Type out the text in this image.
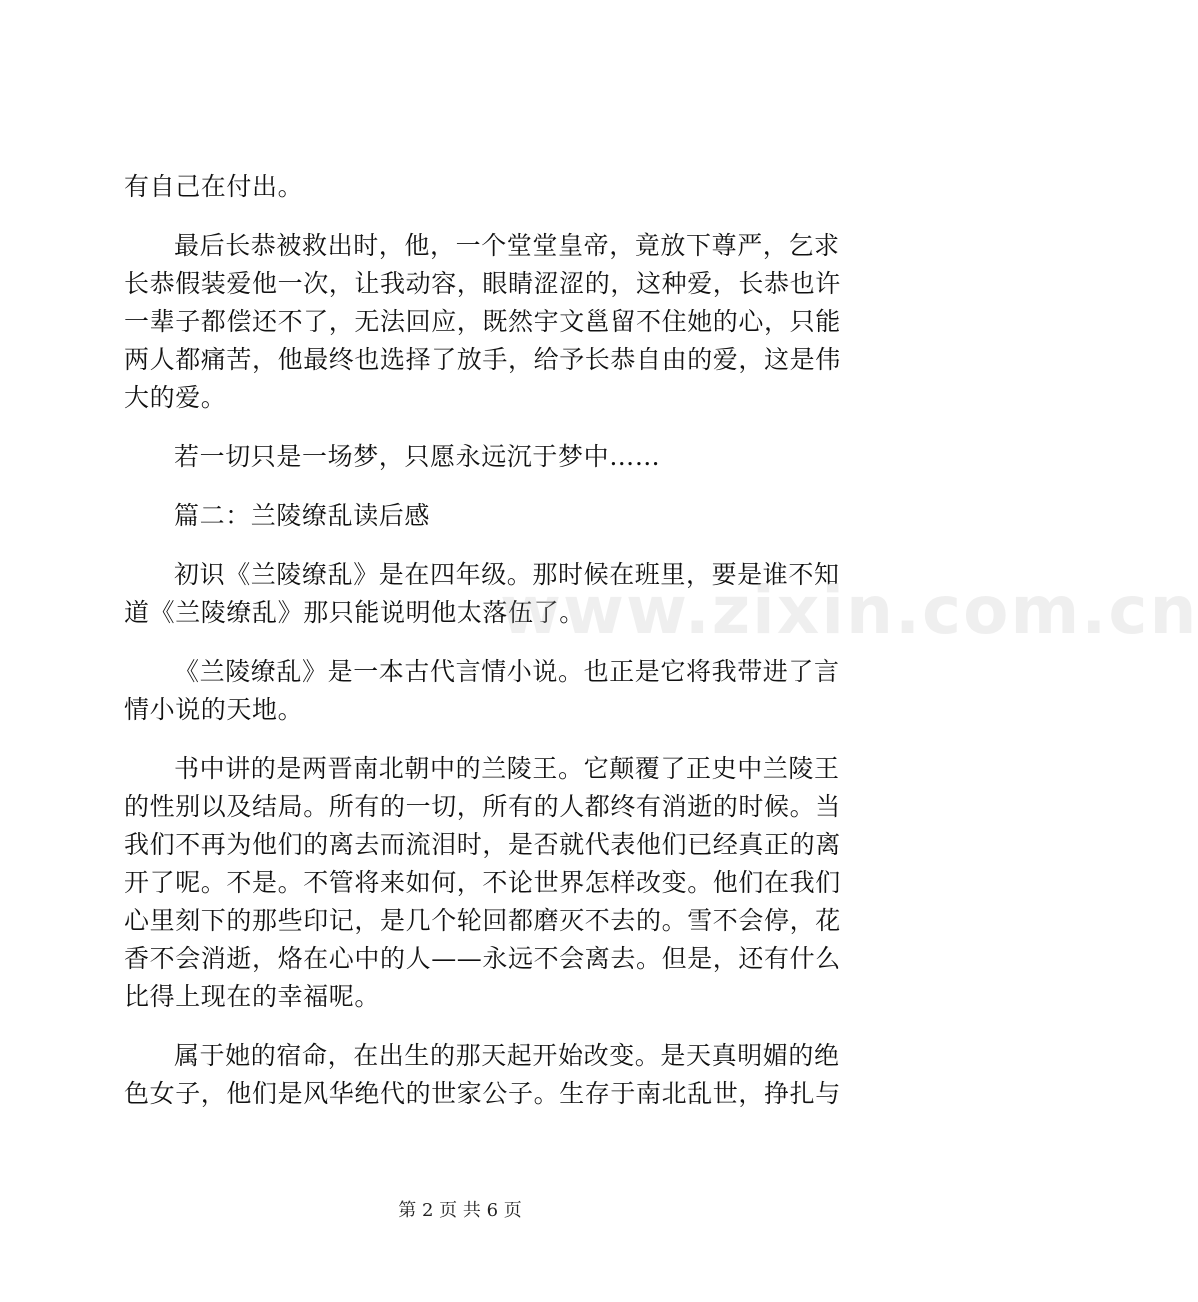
有自己在付出。
最后长恭被救出时，他，一个堂堂皇帝，竟放下尊严，乞求
长恭假装爱他一次，让我动容，眼睛涩涩的，这种爱，长恭也许
一辈子都偿还不了，无法回应，既然宇文邕留不住她的心，只能
两人都痛苦，他最终也选择了放手，给予长恭自由的爱，这是伟
大的爱。
若一切只是一场梦，只愿永远沉于梦中……
篇二：兰陵缭乱读后感
初识《兰陵缭乱》是在四年级。那时候在班里，要是谁不知
道《兰陵缭乱》那只能说明他太落伍了。
《兰陵缭乱》是一本古代言情小说。也正是它将我带进了言
情小说的天地。
书中讲的是两晋南北朝中的兰陵王。它颠覆了正史中兰陵王
的性别以及结局。所有的一切，所有的人都终有消逝的时候。当
我们不再为他们的离去而流泪时，是否就代表他们已经真正的离
开了呢。不是。不管将来如何，不论世界怎样改变。他们在我们
心里刻下的那些印记，是几个轮回都磨灭不去的。雪不会停，花
香不会消逝，烙在心中的人——永远不会离去。但是，还有什么
比得上现在的幸福呢。
属于她的宿命，在出生的那天起开始改变。是天真明媚的绝
色女子，他们是风华绝代的世家公子。生存于南北乱世，挣扎与
www.zixin.com.cn
第 2 页 共 6 页
